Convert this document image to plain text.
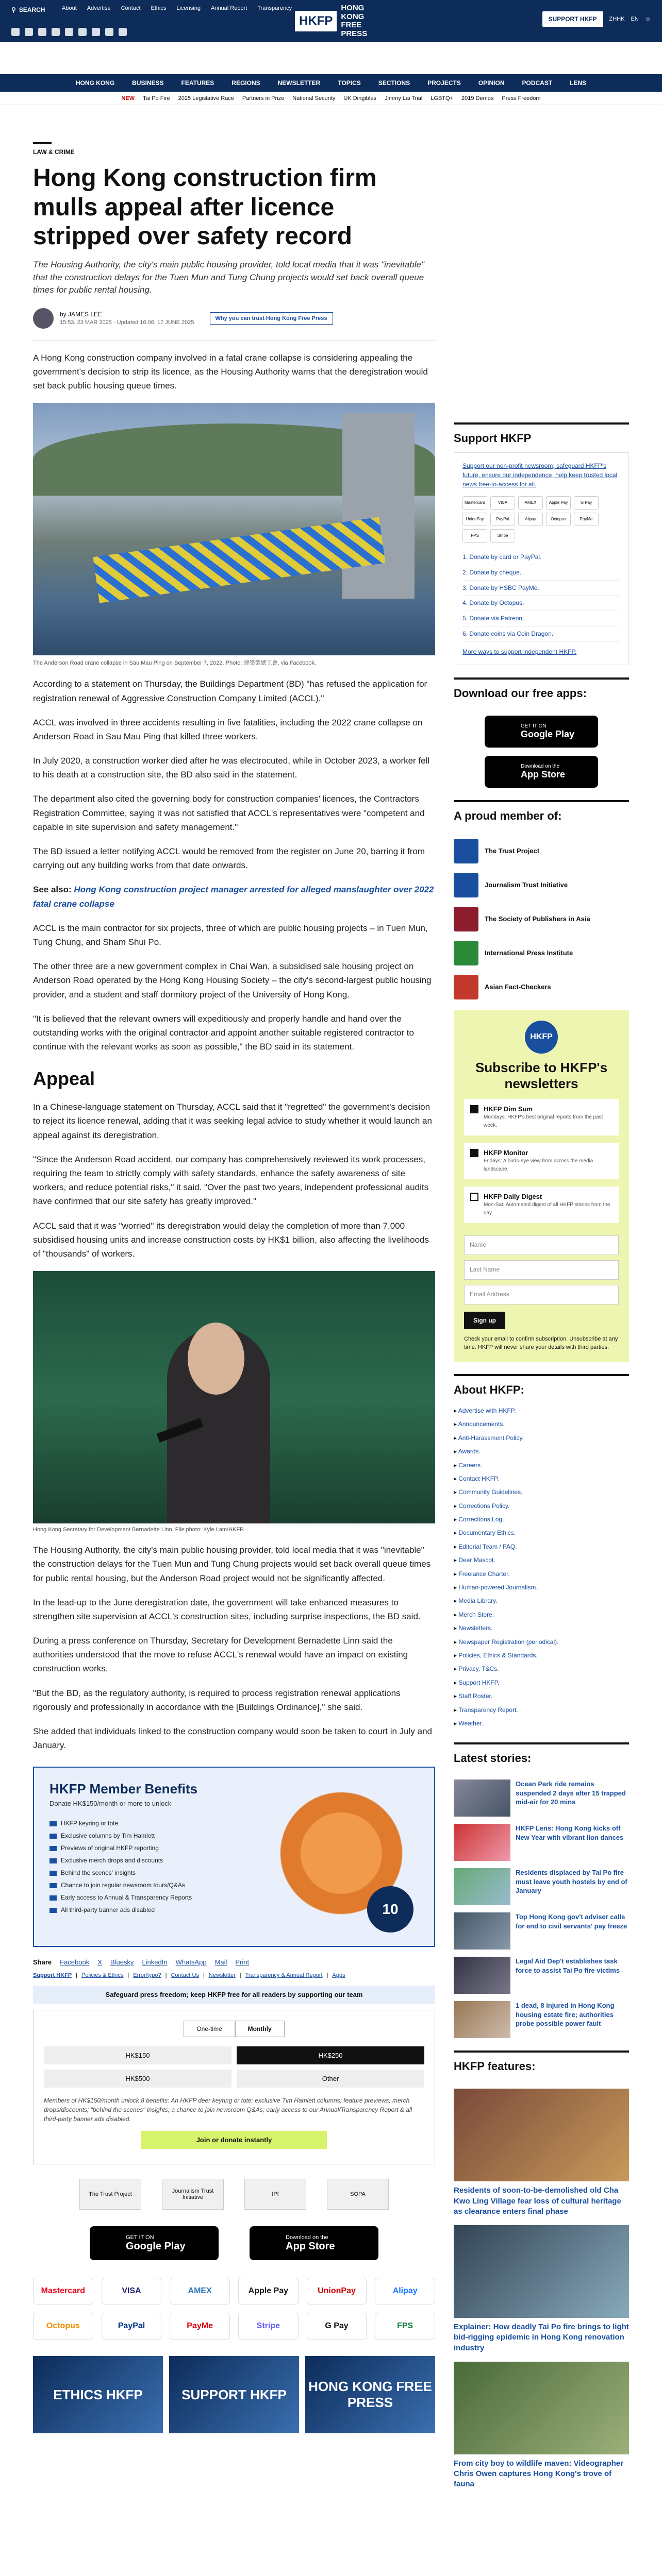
⚲ SEARCH	About Advertise Contact Ethics Licensing Annual Report Transparency
HKFP
HONG KONG FREE PRESS
SUPPORT HKFP	ZHHK EN ☺
HONG KONG	BUSINESS	FEATURES	REGIONS	NEWSLETTER	TOPICS	SECTIONS	PROJECTS	OPINION	PODCAST	LENS
NEW Tai Po Fire 2025 Legislative Race Partners in Prize National Security UK Dirigibles Jimmy Lai Trial LGBTQ+ 2019 Demos Press Freedom
LAW & CRIME
Hong Kong construction firm mulls appeal after licence stripped over safety record
The Housing Authority, the city's main public housing provider, told local media that it was "inevitable" that the construction delays for the Tuen Mun and Tung Chung projects would set back overall queue times for public rental housing.
by JAMES LEE
15:53, 23 MAR 2025 · Updated 16:06, 17 JUNE 2025
Why you can trust Hong Kong Free Press

A Hong Kong construction company involved in a fatal crane collapse is considering appealing the government's decision to strip its licence, as the Housing Authority warns that the deregistration would set back public housing queue times.

The Anderson Road crane collapse in Sau Mau Ping on September 7, 2022. Photo: 建築業總工會, via Facebook.

According to a statement on Thursday, the Buildings Department (BD) "has refused the application for registration renewal of Aggressive Construction Company Limited (ACCL)."

ACCL was involved in three accidents resulting in five fatalities, including the 2022 crane collapse on Anderson Road in Sau Mau Ping that killed three workers.

In July 2020, a construction worker died after he was electrocuted, while in October 2023, a worker fell to his death at a construction site, the BD also said in the statement.

The department also cited the governing body for construction companies' licences, the Contractors Registration Committee, saying it was not satisfied that ACCL's representatives were "competent and capable in site supervision and safety management."

The BD issued a letter notifying ACCL would be removed from the register on June 20, barring it from carrying out any building works from that date onwards.

See also: Hong Kong construction project manager arrested for alleged manslaughter over 2022 fatal crane collapse

ACCL is the main contractor for six projects, three of which are public housing projects – in Tuen Mun, Tung Chung, and Sham Shui Po.

The other three are a new government complex in Chai Wan, a subsidised sale housing project on Anderson Road operated by the Hong Kong Housing Society – the city's second-largest public housing provider, and a student and staff dormitory project of the University of Hong Kong.

"It is believed that the relevant owners will expeditiously and properly handle and hand over the outstanding works with the original contractor and appoint another suitable registered contractor to continue with the relevant works as soon as possible," the BD said in its statement.

Appeal

In a Chinese-language statement on Thursday, ACCL said that it "regretted" the government's decision to reject its licence renewal, adding that it was seeking legal advice to study whether it would launch an appeal against its deregistration.

"Since the Anderson Road accident, our company has comprehensively reviewed its work processes, requiring the team to strictly comply with safety standards, enhance the safety awareness of site workers, and reduce potential risks," it said. "Over the past two years, independent professional audits have confirmed that our site safety has greatly improved."

ACCL said that it was "worried" its deregistration would delay the completion of more than 7,000 subsidised housing units and increase construction costs by HK$1 billion, also affecting the livelihoods of "thousands" of workers.

Hong Kong Secretary for Development Bernadette Linn. File photo: Kyle Lam/HKFP.

The Housing Authority, the city's main public housing provider, told local media that it was "inevitable" the construction delays for the Tuen Mun and Tung Chung projects would set back overall queue times for public rental housing, but the Anderson Road project would not be significantly affected.

In the lead-up to the June deregistration date, the government will take enhanced measures to strengthen site supervision at ACCL's construction sites, including surprise inspections, the BD said.

During a press conference on Thursday, Secretary for Development Bernadette Linn said the authorities understood that the move to refuse ACCL's renewal would have an impact on existing construction works.

"But the BD, as the regulatory authority, is required to process registration renewal applications rigorously and professionally in accordance with the [Buildings Ordinance]," she said.

She added that individuals linked to the construction company would soon be taken to court in July and January.

HKFP Member Benefits
Donate HK$150/month or more to unlock
HKFP keyring or tote
Exclusive columns by Tim Hamlett
Previews of original HKFP reporting
Exclusive merch drops and discounts
Behind the scenes' insights
Chance to join regular newsroom tours/Q&As
Early access to Annual & Transparency Reports
All third-party banner ads disabled	10
Share Facebook X Bluesky LinkedIn WhatsApp Mail Print
Support HKFP | Policies & Ethics | Error/typo? | Contact Us | Newsletter | Transparency & Annual Report | Apps
Safeguard press freedom; keep HKFP free for all readers by supporting our team
One-time	Monthly
HK$150	HK$250
HK$500	Other
Members of HK$150/month unlock 8 benefits: An HKFP deer keyring or tote; exclusive Tim Hamlett columns; feature previews; merch drops/discounts; "behind the scenes" insights; a chance to join newsroom Q&As; early access to our Annual/Transparency Report & all third-party banner ads disabled.
Join or donate instantly
The Trust Project	Journalism Trust Initiative	IPI	SOPA
GET IT ON
Google Play
Download on the
App Store
Mastercard	VISA	AMEX	Apple Pay	UnionPay	Alipay
Octopus	PayPal	PayMe	Stripe	G Pay	FPS
ETHICS HKFP	SUPPORT HKFP
HONG KONG FREE PRESS
Support HKFP
Support our non-profit newsroom; safeguard HKFP's future, ensure our independence, help keep trusted local news free-to-access for all.
Mastercard	VISA	AMEX	Apple Pay	G Pay
UnionPay	PayPal	Alipay	Octopus	PayMe
FPS	Stripe
1. Donate by card or PayPal.
2. Donate by cheque.
3. Donate by HSBC PayMe.
4. Donate by Octopus.
5. Donate via Patreon.
6. Donate coins via Coin Dragon.
More ways to support independent HKFP.
Download our free apps:
GET IT ON
Google Play
Download on the
App Store
A proud member of:
The Trust Project
Journalism Trust Initiative
The Society of Publishers in Asia
International Press Institute
Asian Fact-Checkers
HKFP
Subscribe to HKFP's newsletters
HKFP Dim Sum
Mondays: HKFP's best original reports from the past week.
HKFP Monitor
Fridays: A birds-eye view from across the media landscape.
HKFP Daily Digest
Mon-Sat: Automated digest of all HKFP stories from the day.
Name
Last Name
Email Address
Sign up
Check your email to confirm subscription. Unsubscribe at any time. HKFP will never share your details with third parties.
About HKFP:
▸ Advertise with HKFP.
▸ Announcements.
▸ Anti-Harassment Policy.
▸ Awards.
▸ Careers.
▸ Contact HKFP.
▸ Community Guidelines.
▸ Corrections Policy.
▸ Corrections Log.
▸ Documentary Ethics.
▸ Editorial Team / FAQ.
▸ Deer Mascot.
▸ Freelance Charter.
▸ Human-powered Journalism.
▸ Media Library.
▸ Merch Store.
▸ Newsletters.
▸ Newspaper Registration (periodical).
▸ Policies, Ethics & Standards.
▸ Privacy, T&Cs.
▸ Support HKFP.
▸ Staff Roster.
▸ Transparency Report.
▸ Weather.
Latest stories:
Ocean Park ride remains suspended 2 days after 15 trapped mid-air for 20 mins
HKFP Lens: Hong Kong kicks off New Year with vibrant lion dances
Residents displaced by Tai Po fire must leave youth hostels by end of January
Top Hong Kong gov't adviser calls for end to civil servants' pay freeze
Legal Aid Dep't establishes task force to assist Tai Po fire victims
1 dead, 8 injured in Hong Kong housing estate fire; authorities probe possible power fault
HKFP features:
Residents of soon-to-be-demolished old Cha Kwo Ling Village fear loss of cultural heritage as clearance enters final phase
Explainer: How deadly Tai Po fire brings to light bid-rigging epidemic in Hong Kong renovation industry
From city boy to wildlife maven: Videographer Chris Owen captures Hong Kong's trove of fauna
